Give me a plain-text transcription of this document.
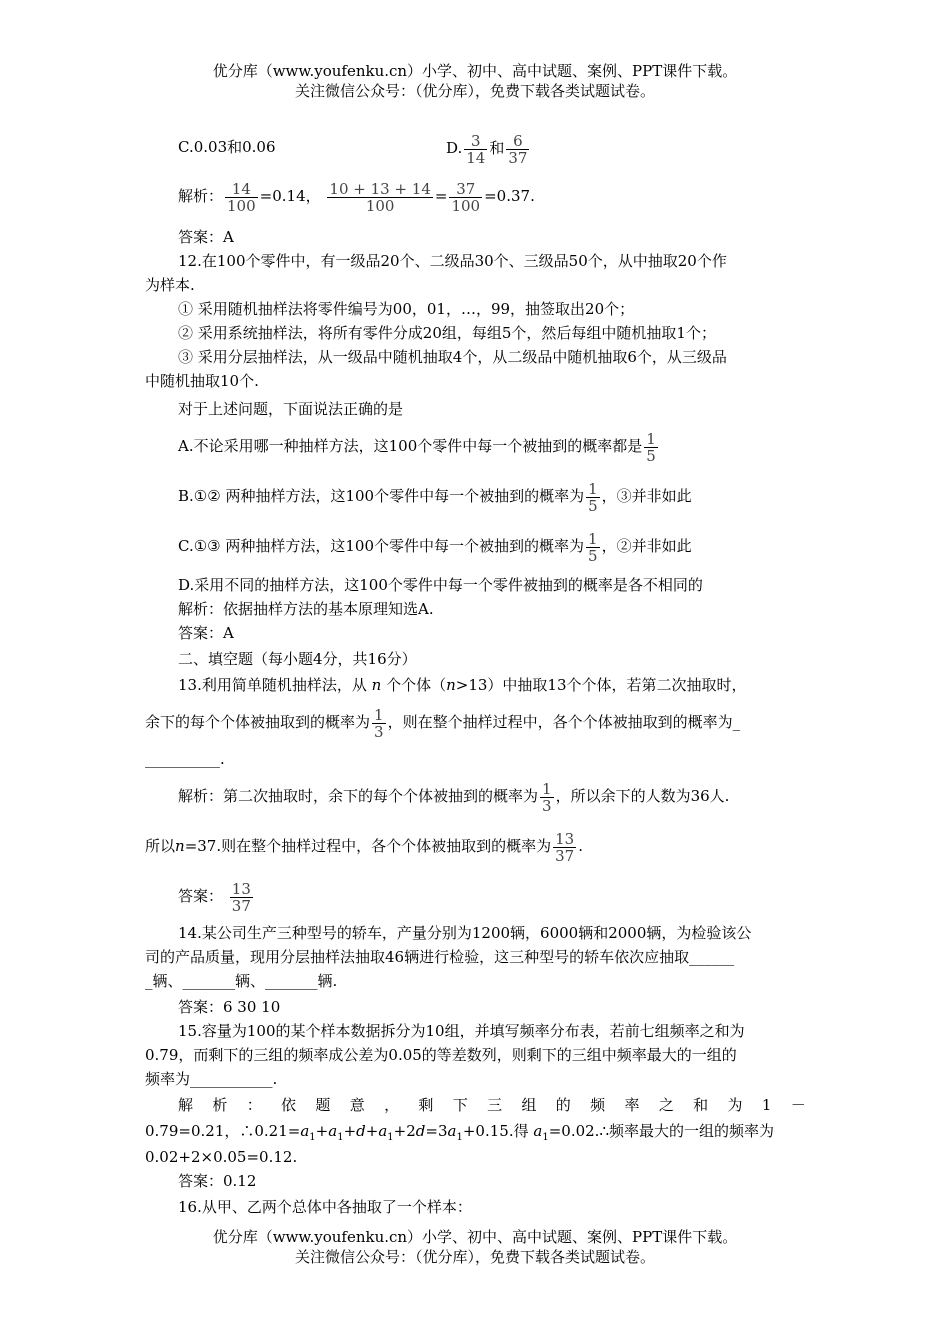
优分库（www.youfenku.cn）小学、初中、高中试题、案例、PPT课件下载。
关注微信公众号：（优分库），免费下载各类试题试卷。
C.0.03和0.06	D. $\frac{3}{14}$ 和 $\frac{6}{37}$
解析： $\frac{14}{100} =0.14$， $\frac{10 + 13 + 14}{100} = \frac{37}{100} =0.37$.
答案：A
12.在100个零件中，有一级品20个、二级品30个、三级品50个，从中抽取20个作
为样本.
① 采用随机抽样法将零件编号为00，01，…，99，抽签取出20个；
② 采用系统抽样法，将所有零件分成20组，每组5个，然后每组中随机抽取1个；
③ 采用分层抽样法，从一级品中随机抽取4个，从二级品中随机抽取6个，从三级品
中随机抽取10个.
对于上述问题，下面说法正确的是
A.不论采用哪一种抽样方法，这100个零件中每一个被抽到的概率都是 $\frac{1}{5}$
B.①② 两种抽样方法，这100个零件中每一个被抽到的概率为 $\frac{1}{5}$ ，③并非如此
C.①③ 两种抽样方法，这100个零件中每一个被抽到的概率为 $\frac{1}{5}$ ，②并非如此
D.采用不同的抽样方法，这100个零件中每一个零件被抽到的概率是各不相同的
解析：依据抽样方法的基本原理知选A.
答案：A
二、填空题（每小题4分，共16分）
13.利用简单随机抽样法，从 n 个个体（n>13）中抽取13个个体，若第二次抽取时，
余下的每个个体被抽取到的概率为 $\frac{1}{3}$ ，则在整个抽样过程中，各个个体被抽取到的概率为_
__________.
解析：第二次抽取时，余下的每个个体被抽到的概率为 $\frac{1}{3}$ ，所以余下的人数为36人.
所以n=37.则在整个抽样过程中，各个个体被抽取到的概率为 $\frac{13}{37}$ .
答案： $\frac{13}{37}$
14.某公司生产三种型号的轿车，产量分别为1200辆，6000辆和2000辆，为检验该公
司的产品质量，现用分层抽样法抽取46辆进行检验，这三种型号的轿车依次应抽取______
_辆、_______辆、_______辆.
答案：6 30 10
15.容量为100的某个样本数据拆分为10组，并填写频率分布表，若前七组频率之和为
0.79，而剩下的三组的频率成公差为0.05的等差数列，则剩下的三组中频率最大的一组的
频率为___________.
解 析 ： 依 题 意 ， 剩 下 三 组 的 频 率 之 和 为 1 －
0.79=0.21，$\therefore 0.21=a_1+a_1+d+a_1+2d=3a_1+0.15$.得 $a_1=0.02.\therefore$频率最大的一组的频率为
0.02+2×0.05=0.12.
答案：0.12
16.从甲、乙两个总体中各抽取了一个样本：
优分库（www.youfenku.cn）小学、初中、高中试题、案例、PPT课件下载。
关注微信公众号：（优分库），免费下载各类试题试卷。
